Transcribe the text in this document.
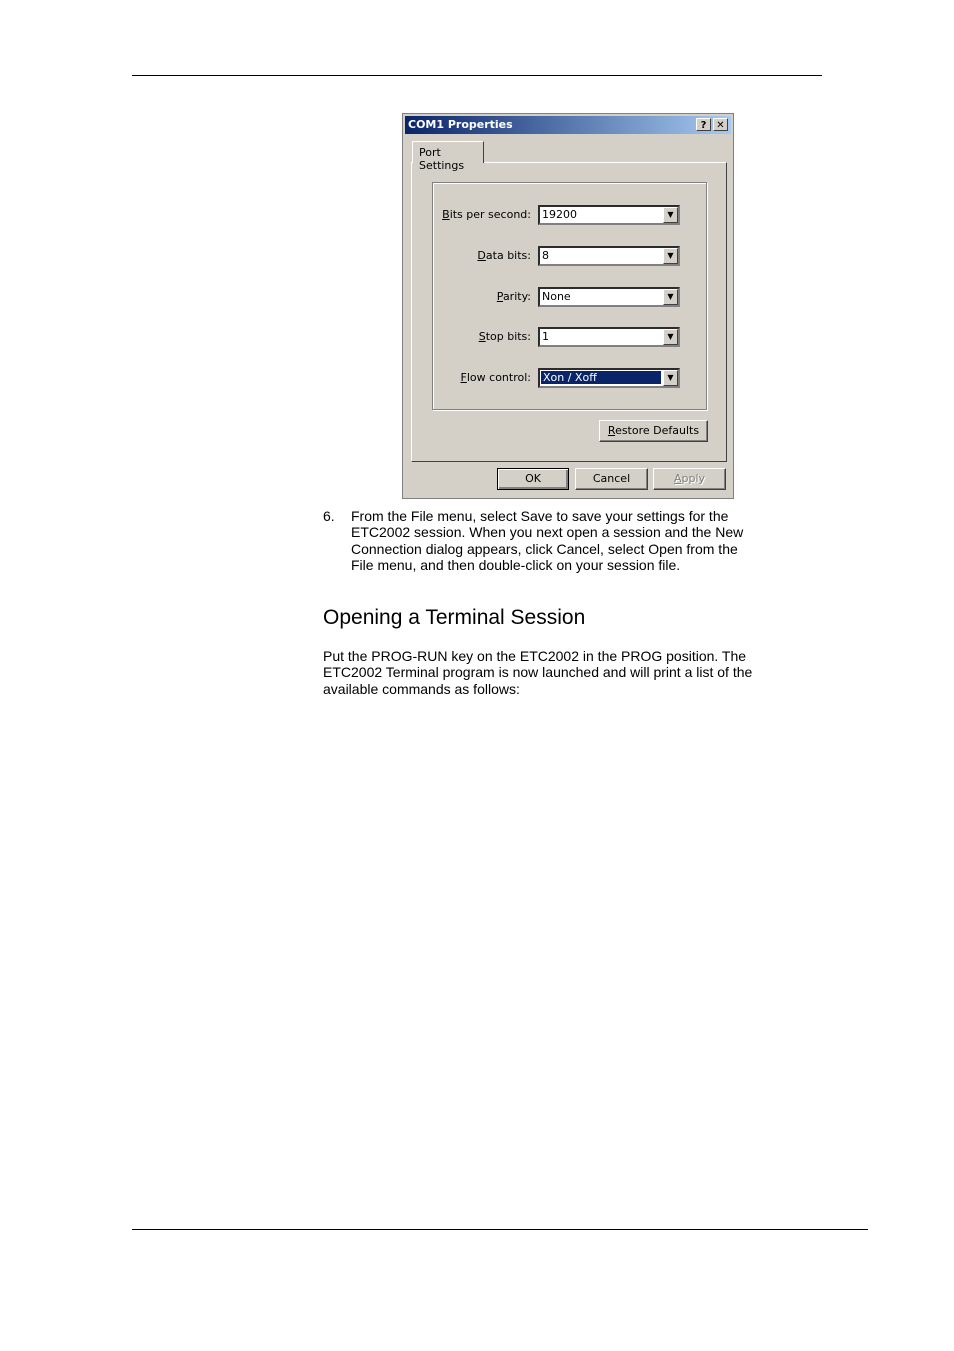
COM1 Properties	? ✕
Port Settings
Bits per second: 19200	▼
Data bits: 8	▼
Parity: None	▼
Stop bits: 1	▼
Flow control: Xon / Xoff	▼
Restore Defaults
OK	Cancel	Apply
6. From the File menu, select Save to save your settings for the ETC2002 session. When you next open a session and the New Connection dialog appears, click Cancel, select Open from the File menu, and then double-click on your session file.
Opening a Terminal Session

Put the PROG-RUN key on the ETC2002 in the PROG position. The ETC2002 Terminal program is now launched and will print a list of the available commands as follows:
